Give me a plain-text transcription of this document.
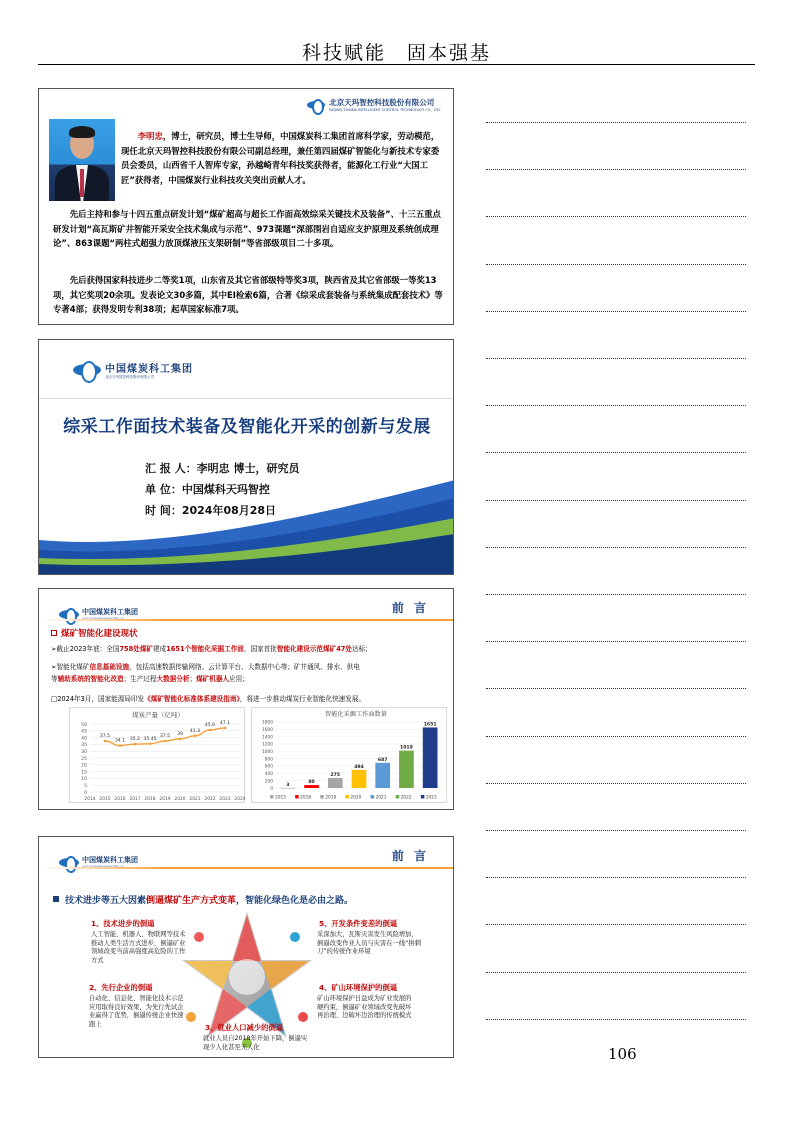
科技赋能　固本强基
北京天玛智控科技股份有限公司
BEIJING TIANMA INTELLIGENT CONTROL TECHNOLOGY CO., LTD.
李明忠，博士，研究员，博士生导师，中国煤炭科工集团首席科学家，劳动模范，现任北京天玛智控科技股份有限公司副总经理，兼任第四届煤矿智能化与新技术专家委员会委员，山西省千人智库专家，孙越崎青年科技奖获得者，能源化工行业“大国工匠”获得者，中国煤炭行业科技攻关突出贡献人才。
先后主持和参与十四五重点研发计划“煤矿超高与超长工作面高效综采关键技术及装备”、十三五重点研发计划“高瓦斯矿井智能开采安全技术集成与示范”、973课题“深部围岩自适应支护原理及系统创成理论”、863课题“两柱式超强力放顶煤液压支架研制”等省部级项目二十多项。
先后获得国家科技进步二等奖1项，山东省及其它省部级特等奖3项，陕西省及其它省部级一等奖13项，其它奖项20余项。发表论文30多篇，其中EI检索6篇，合著《综采成套装备与系统集成配套技术》等专著4部；获得发明专利38项；起草国家标准7项。
中国煤炭科工集团
北京天玛智控科技股份有限公司
综采工作面技术装备及智能化开采的创新与发展
汇 报 人：李明忠 博士，研究员
单 位：中国煤科天玛智控
时 间：2024年08月28日
中国煤炭科工集团	前 言
煤矿智能化建设现状
➢截止2023年底：全国758处煤矿建成1651个智能化采掘工作面，国家首批智能化建设示范煤矿47处达标；
➢智能化煤矿信息基础设施，包括高速数据传输网络、云计算平台、大数据中心等；矿井通风、排水、供电
等辅助系统的智能化改造；生产过程大数据分析；煤矿机器人应用；
□2024年3月，国家能源局印发《煤矿智能化标准体系建设指南》，将进一步推动煤炭行业智能化快速发展。
煤炭产量（亿吨）
0
5
10
15
20
25
30
35
40
45
50
2014 2015 2016 2017 2018 2019 2020 2021 2022 2023 2024
37.5
34.1 35.2 35.45
37.5 39
41.3
45.6 47.1
智能化采掘工作面数量
0
200
400
600
800
1000
1200
1400
1600
1800
3
80
275
494
687
1019
1651
2015	2018	2019	2020	2021	2022	2023
中国煤炭科工集团	前 言
技术进步等五大因素倒逼煤矿生产方式变革，智能化绿色化是必由之路。
1、技术进步的倒逼
人工智能、机器人、物联网等技术推动人类生活方式进步，倒逼矿业领域改变当前高强度高危险的工作方式
2、先行企业的倒逼
自动化、信息化、智能化技术示范应用取得良好效果，为先行先试企业赢得了优势，倒逼传统企业快速跟上	3、就业人口减少的倒逼
就业人员自2018年开始下降，倒逼实现少人化甚至无人化
4、矿山环境保护的倒逼
矿山环境保护日益成为矿业发展的硬约束，倒逼矿业领域改变先破坏再治理、边破坏边治理的传统模式
5、开发条件变差的倒逼
采深加大，瓦斯灾害发生风险增加，倒逼改变作业人员与灾害在一线“拼刺刀”的传统作业环境
106
